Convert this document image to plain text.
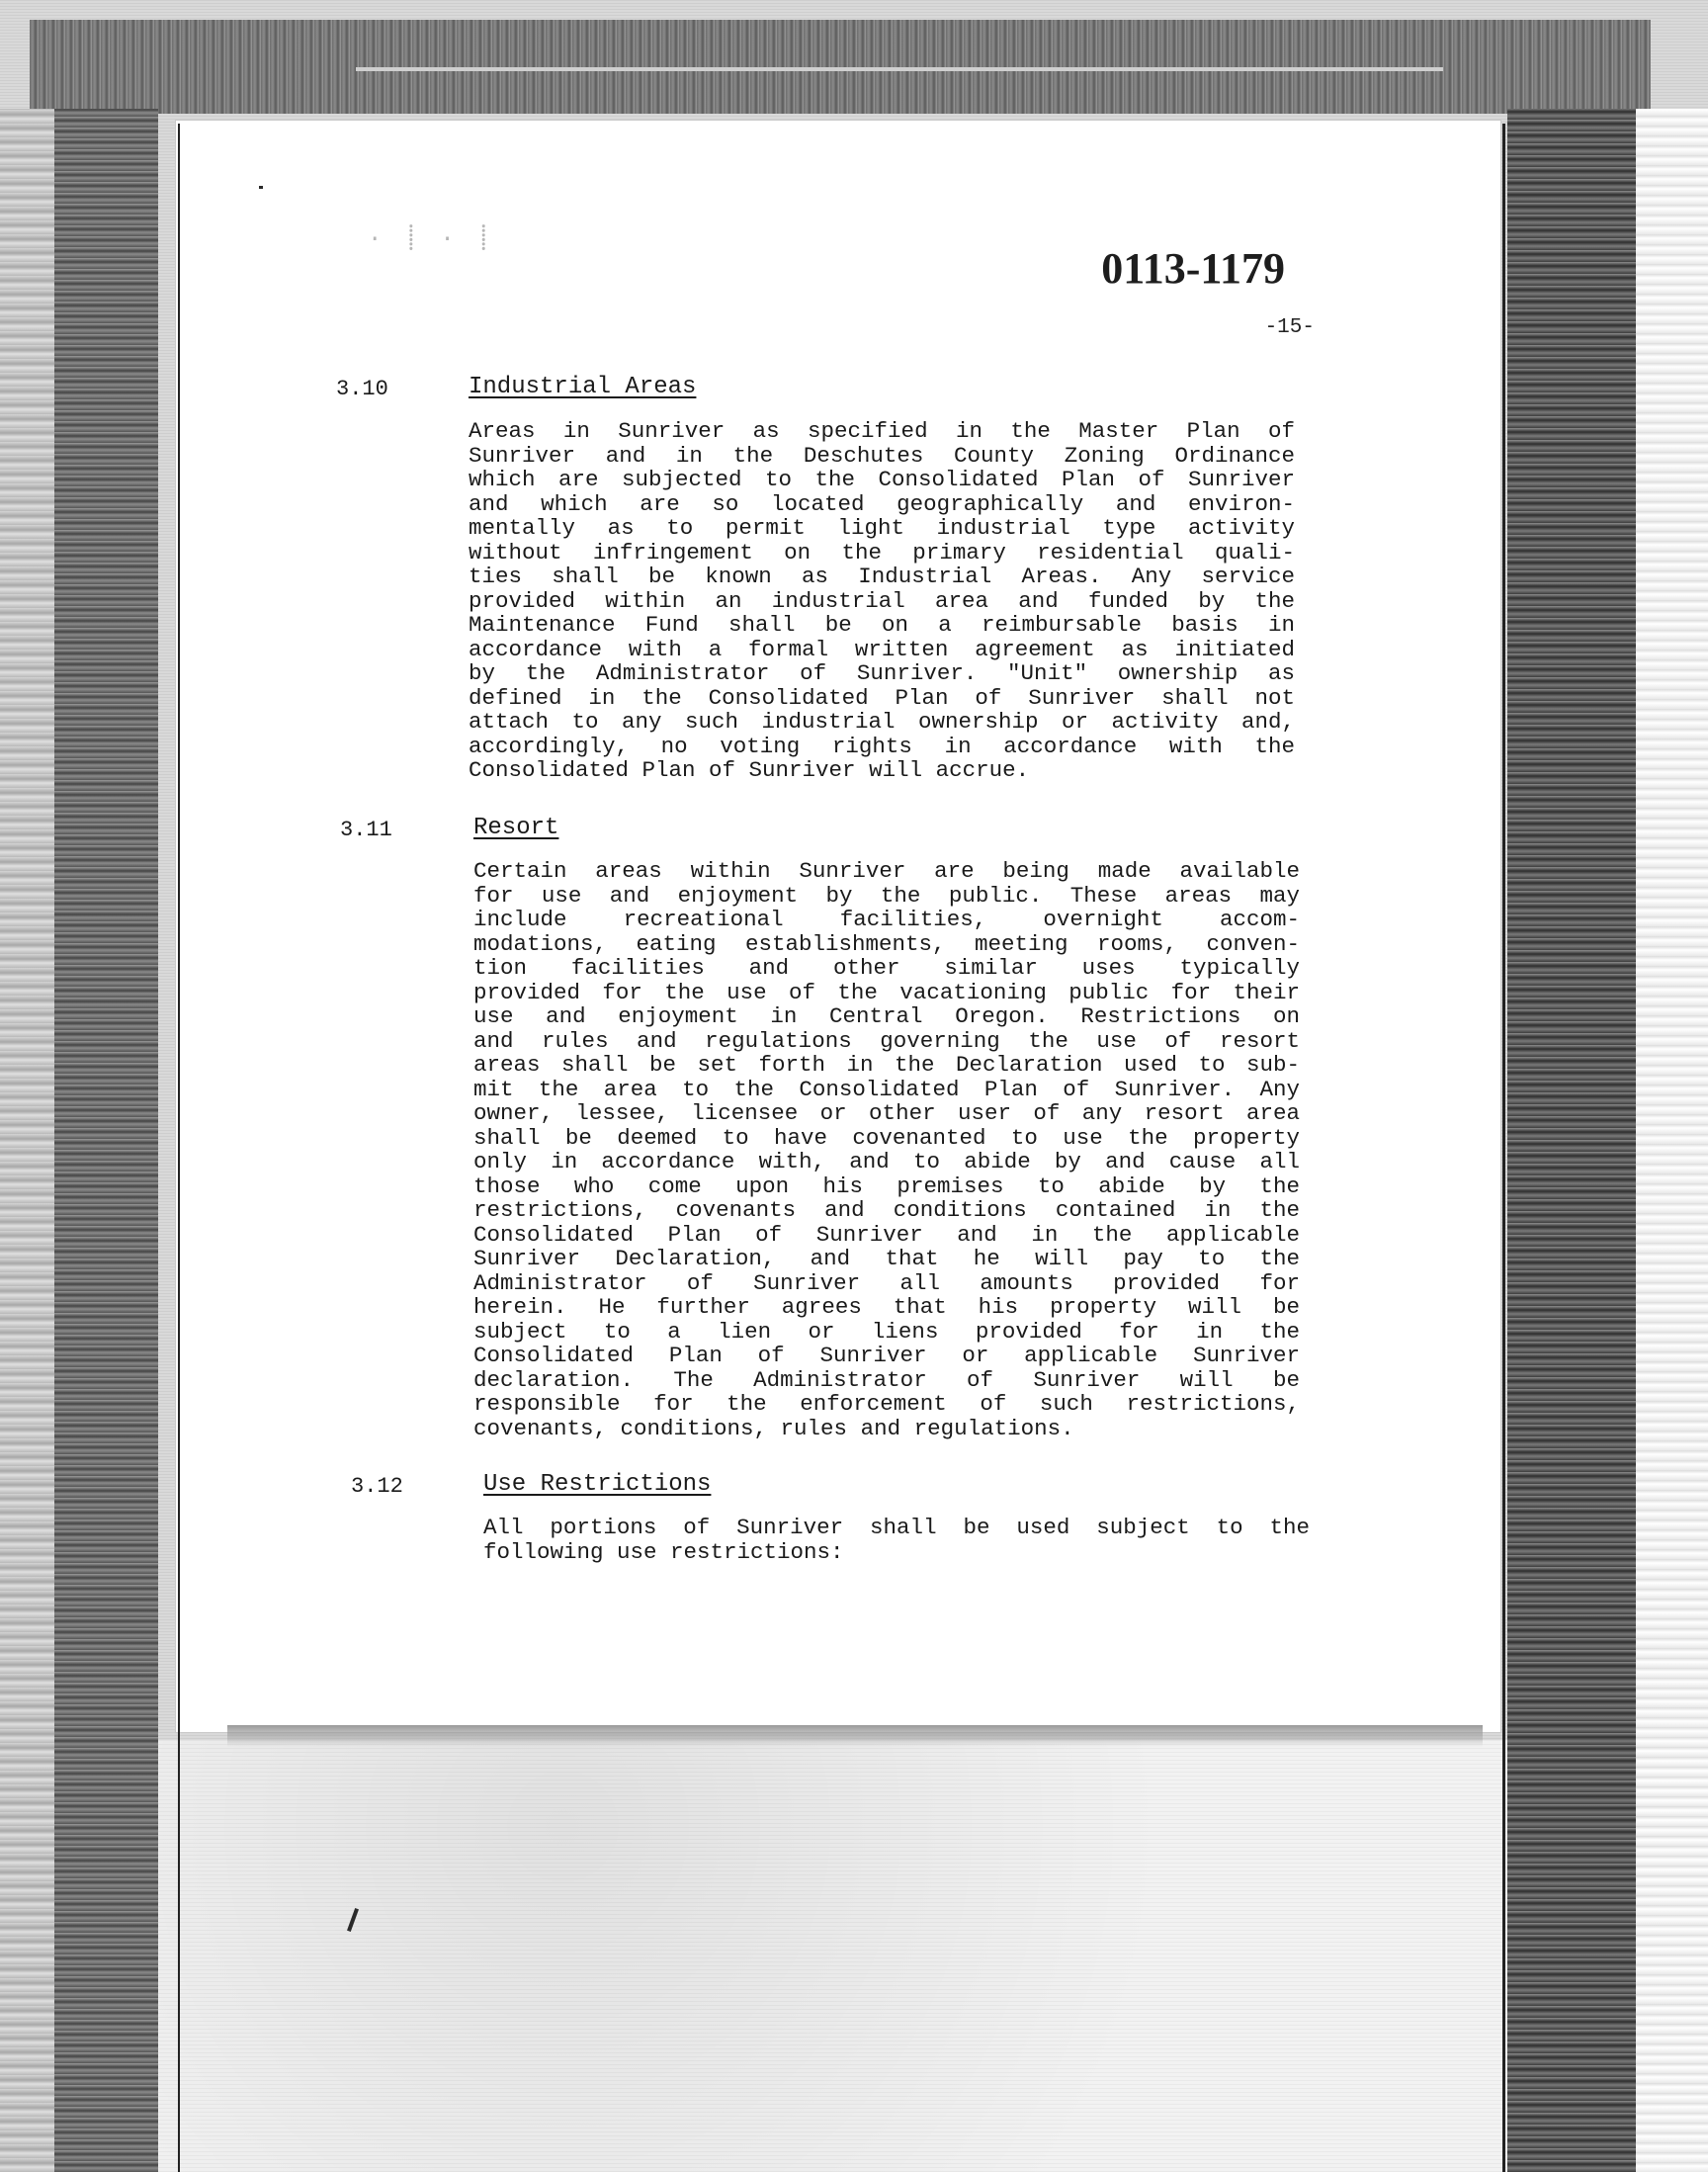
· ⸽ · ⸽
0113-1179
-15-
3.10	Industrial Areas
Areas in Sunriver as specified in the Master Plan of
Sunriver and in the Deschutes County Zoning Ordinance
which are subjected to the Consolidated Plan of Sunriver
and which are so located geographically and environ-
mentally as to permit light industrial type activity
without infringement on the primary residential quali-
ties shall be known as Industrial Areas. Any service
provided within an industrial area and funded by the
Maintenance Fund shall be on a reimbursable basis in
accordance with a formal written agreement as initiated
by the Administrator of Sunriver. "Unit" ownership as
defined in the Consolidated Plan of Sunriver shall not
attach to any such industrial ownership or activity and,
accordingly, no voting rights in accordance with the
Consolidated Plan of Sunriver will accrue.
3.11	Resort
Certain areas within Sunriver are being made available
for use and enjoyment by the public. These areas may
include recreational facilities, overnight accom-
modations, eating establishments, meeting rooms, conven-
tion facilities and other similar uses typically
provided for the use of the vacationing public for their
use and enjoyment in Central Oregon. Restrictions on
and rules and regulations governing the use of resort
areas shall be set forth in the Declaration used to sub-
mit the area to the Consolidated Plan of Sunriver. Any
owner, lessee, licensee or other user of any resort area
shall be deemed to have covenanted to use the property
only in accordance with, and to abide by and cause all
those who come upon his premises to abide by the
restrictions, covenants and conditions contained in the
Consolidated Plan of Sunriver and in the applicable
Sunriver Declaration, and that he will pay to the
Administrator of Sunriver all amounts provided for
herein. He further agrees that his property will be
subject to a lien or liens provided for in the
Consolidated Plan of Sunriver or applicable Sunriver
declaration. The Administrator of Sunriver will be
responsible for the enforcement of such restrictions,
covenants, conditions, rules and regulations.
3.12	Use Restrictions
All portions of Sunriver shall be used subject to the
following use restrictions:
